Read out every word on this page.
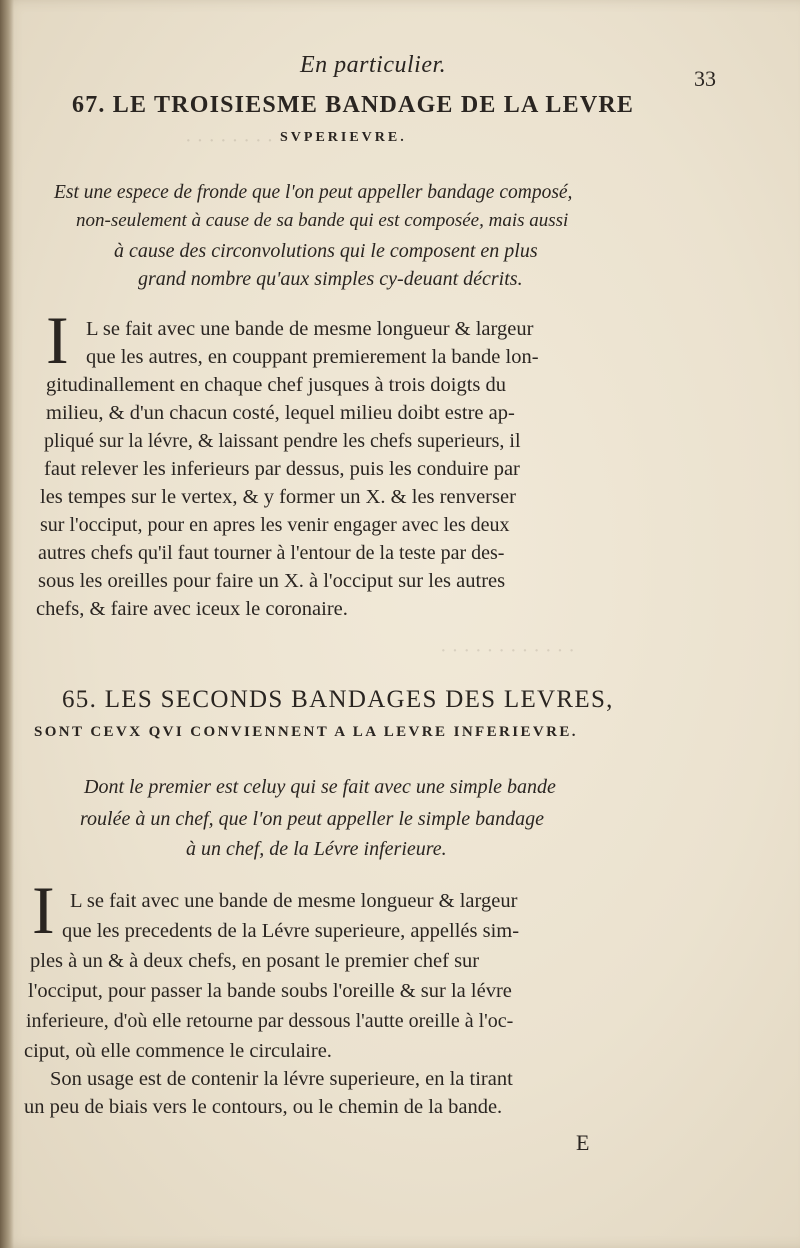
· · · · · · · ·
En particulier.
33
67. LE TROISIESME BANDAGE DE LA LEVRE
SVPERIEVRE.
Est une espece de fronde que l'on peut appeller bandage composé,
non-seulement à cause de sa bande qui est composée, mais aussi
à cause des circonvolutions qui le composent en plus
grand nombre qu'aux simples cy-deuant décrits.
I L se fait avec une bande de mesme longueur & largeur
que les autres, en couppant premierement la bande lon-
gitudinallement en chaque chef jusques à trois doigts du
milieu, & d'un chacun costé, lequel milieu doibt estre ap-
pliqué sur la lévre, & laissant pendre les chefs superieurs, il
faut relever les inferieurs par dessus, puis les conduire par
les tempes sur le vertex, & y former un X. & les renverser
sur l'occiput, pour en apres les venir engager avec les deux
autres chefs qu'il faut tourner à l'entour de la teste par des-
sous les oreilles pour faire un X. à l'occiput sur les autres
chefs, & faire avec iceux le coronaire.
· · · · · · · · · · · ·
65. LES SECONDS BANDAGES DES LEVRES,
SONT CEVX QVI CONVIENNENT A LA LEVRE INFERIEVRE.
Dont le premier est celuy qui se fait avec une simple bande
roulée à un chef, que l'on peut appeller le simple bandage
à un chef, de la Lévre inferieure.
I L se fait avec une bande de mesme longueur & largeur
que les precedents de la Lévre superieure, appellés sim-
ples à un & à deux chefs, en posant le premier chef sur
l'occiput, pour passer la bande soubs l'oreille & sur la lévre
inferieure, d'où elle retourne par dessous l'autte oreille à l'oc-
ciput, où elle commence le circulaire.
Son usage est de contenir la lévre superieure, en la tirant
un peu de biais vers le contours, ou le chemin de la bande.
E
